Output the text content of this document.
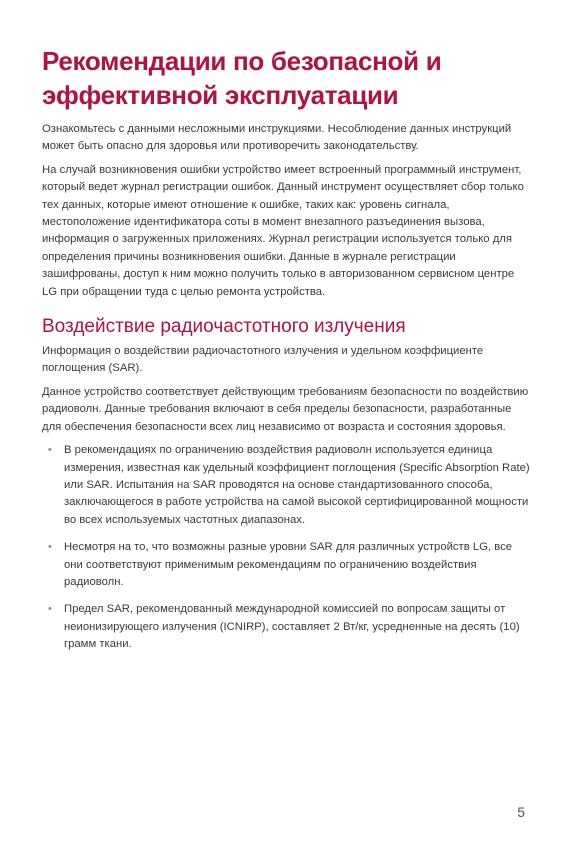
Рекомендации по безопасной и
эффективной эксплуатации

Ознакомьтесь с данными несложными инструкциями. Несоблюдение данных инструкций может быть опасно для здоровья или противоречить законодательству.

На случай возникновения ошибки устройство имеет встроенный программный инструмент, который ведет журнал регистрации ошибок. Данный инструмент осуществляет сбор только тех данных, которые имеют отношение к ошибке, таких как: уровень сигнала, местоположение идентификатора соты в момент внезапного разъединения вызова, информация о загруженных приложениях. Журнал регистрации используется только для определения причины возникновения ошибки. Данные в журнале регистрации зашифрованы, доступ к ним можно получить только в авторизованном сервисном центре LG при обращении туда с целью ремонта устройства.

Воздействие радиочастотного излучения

Информация о воздействии радиочастотного излучения и удельном коэффициенте поглощения (SAR).

Данное устройство соответствует действующим требованиям безопасности по воздействию радиоволн. Данные требования включают в себя пределы безопасности, разработанные для обеспечения безопасности всех лиц независимо от возраста и состояния здоровья.

• В рекомендациях по ограничению воздействия радиоволн используется единица измерения, известная как удельный коэффициент поглощения (Specific Absorption Rate) или SAR. Испытания на SAR проводятся на основе стандартизованного способа, заключающегося в работе устройства на самой высокой сертифицированной мощности во всех используемых частотных диапазонах.
• Несмотря на то, что возможны разные уровни SAR для различных устройств LG, все они соответствуют применимым рекомендациям по ограничению воздействия радиоволн.
• Предел SAR, рекомендованный международной комиссией по вопросам защиты от неионизирующего излучения (ICNIRP), составляет 2 Вт/кг, усредненные на десять (10) грамм ткани.
5
